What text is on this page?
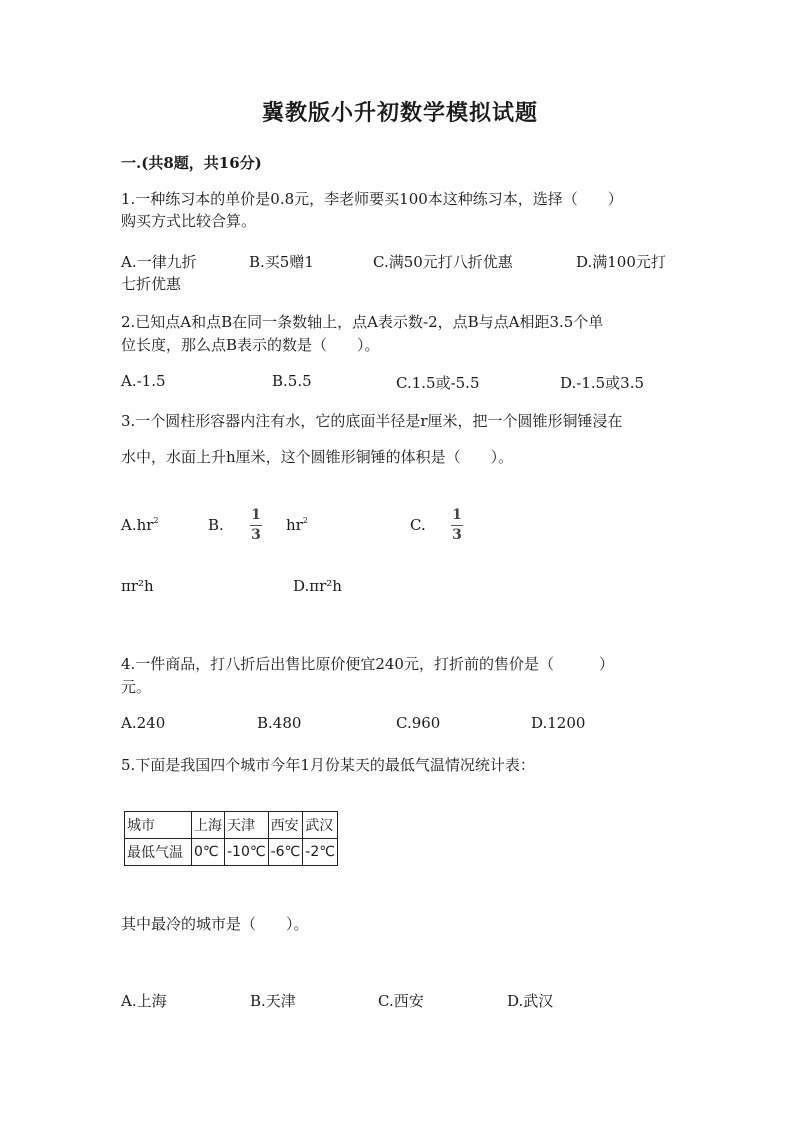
冀教版小升初数学模拟试题
一.(共8题，共16分)
1.一种练习本的单价是0.8元，李老师要买100本这种练习本，选择（　　）
购买方式比较合算。
A.一律九折	B.买5赠1	C.满50元打八折优惠	D.满100元打
七折优惠
2.已知点A和点B在同一条数轴上，点A表示数-2，点B与点A相距3.5个单
位长度，那么点B表示的数是（　　）。
A.-1.5	B.5.5	C.1.5或-5.5	D.-1.5或3.5
3.一个圆柱形容器内注有水，它的底面半径是r厘米，把一个圆锥形铜锤浸在
水中，水面上升h厘米，这个圆锥形铜锤的体积是（　　）。
$A.hr^2$	B.
1
3
$hr^2$	C.
1
3
πr²h	D.πr²h
4.一件商品，打八折后出售比原价便宜240元，打折前的售价是（　　　）
元。
A.240	B.480	C.960	D.1200
5.下面是我国四个城市今年1月份某天的最低气温情况统计表：
城市	上海	天津	西安	武汉
最低气温	0℃	-10℃	-6℃	-2℃
其中最冷的城市是（　　）。
A.上海	B.天津	C.西安	D.武汉
